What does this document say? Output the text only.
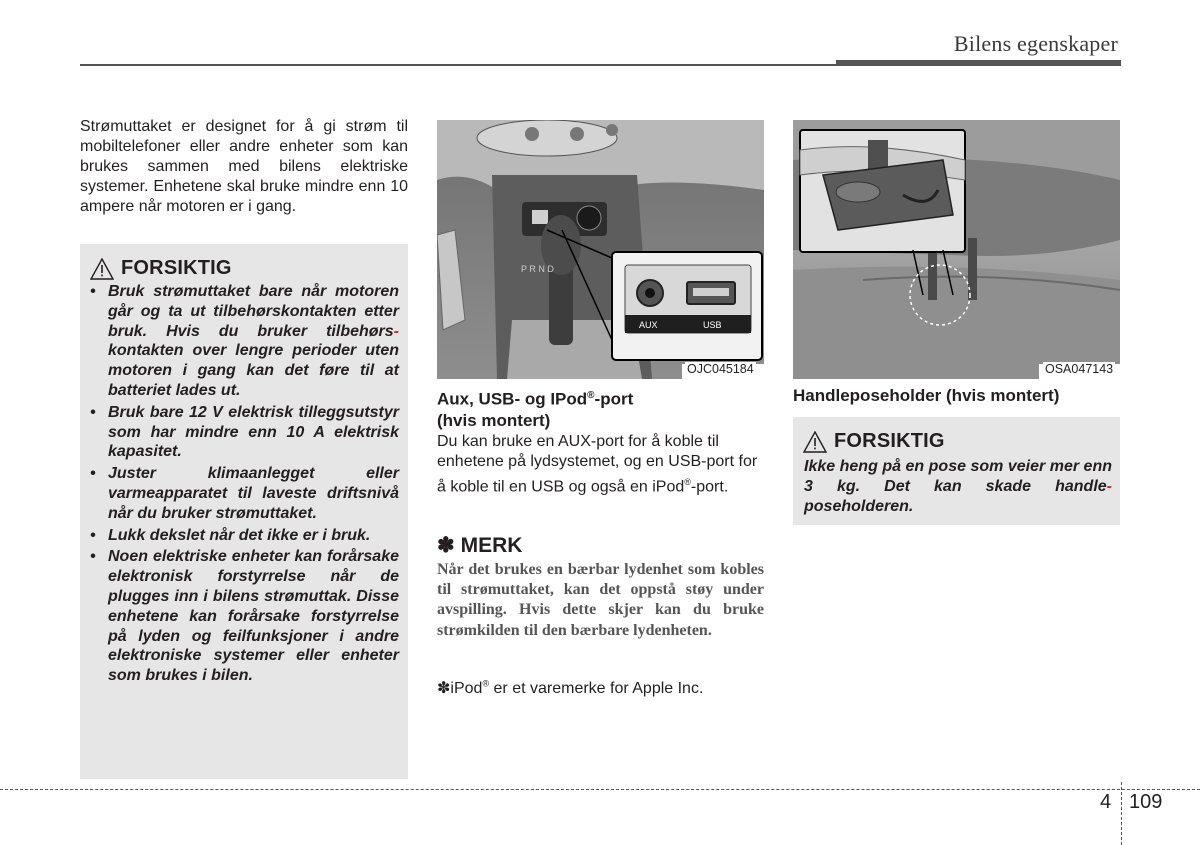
Bilens egenskaper
Strømuttaket er designet for å gi strøm til mobiltelefoner eller andre enheter som kan brukes sammen med bilens elektriske systemer. Enhetene skal bruke mindre enn 10 ampere når motoren er i gang.
FORSIKTIG
• Bruk strømuttaket bare når motoren går og ta ut tilbehørskontakten etter bruk. Hvis du bruker tilbehørs- kontakten over lengre perioder uten motoren i gang kan det føre til at batteriet lades ut.
• Bruk bare 12 V elektrisk tilleggsutstyr som har mindre enn 10 A elektrisk kapasitet.
• Juster klimaanlegget eller varmeapparatet til laveste driftsnivå når du bruker strømuttaket.
• Lukk dekslet når det ikke er i bruk.
• Noen elektriske enheter kan forårsake elektronisk forstyrrelse når de plugges inn i bilens strømuttak. Disse enhetene kan forårsake forstyrrelse på lyden og feilfunksjoner i andre elektroniske systemer eller enheter som brukes i bilen.
P R N D
AUX	USB
OJC045184
Aux, USB- og IPod®-port
(hvis montert)
Du kan bruke en AUX-port for å koble til enhetene på lydsystemet, og en USB-port for å koble til en USB og også en iPod®-port.
✽ MERK
Når det brukes en bærbar lydenhet som kobles til strømuttaket, kan det oppstå støy under avspilling. Hvis dette skjer kan du bruke strømkilden til den bærbare lydenheten.
✽iPod® er et varemerke for Apple Inc.
OSA047143
Handleposeholder (hvis montert)
FORSIKTIG
Ikke heng på en pose som veier mer enn 3 kg. Det kan skade handle- poseholderen.
4 109
